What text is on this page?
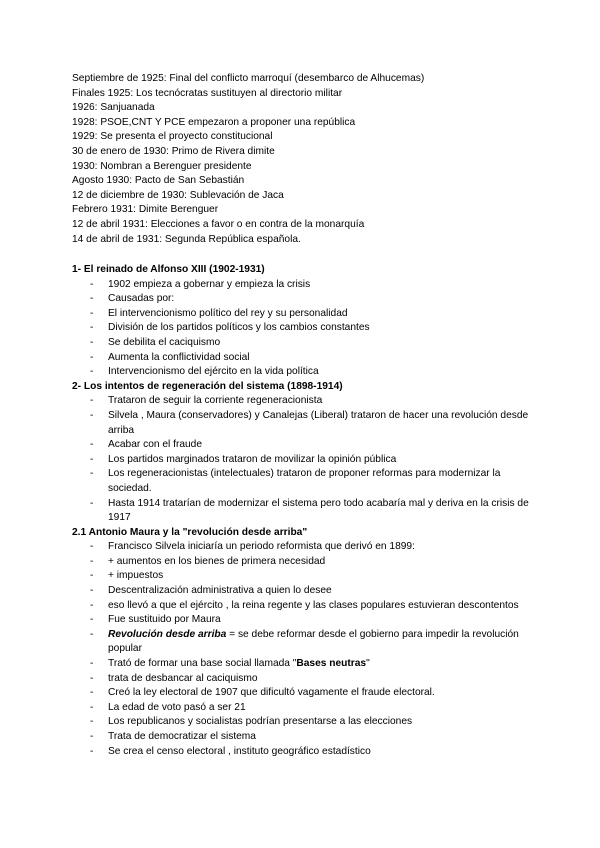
Septiembre de 1925: Final del conflicto marroquí (desembarco de Alhucemas)
Finales 1925: Los tecnócratas sustituyen al directorio militar
1926: Sanjuanada
1928: PSOE,CNT Y PCE empezaron a proponer una república
1929: Se presenta el proyecto constitucional
30 de enero de 1930: Primo de Rivera dimite
1930: Nombran a Berenguer presidente
Agosto 1930: Pacto de San Sebastián
12 de diciembre de 1930: Sublevación de Jaca
Febrero 1931: Dimite Berenguer
12 de abril 1931: Elecciones a favor o en contra de la monarquía
14 de abril de 1931: Segunda República española.
1- El reinado de Alfonso XIII (1902-1931)
- 1902 empieza a gobernar y empieza la crisis
- Causadas por:
- El intervencionismo político del rey y su personalidad
- División de los partidos políticos y los cambios constantes
- Se debilita el caciquismo
- Aumenta la conflictividad social
- Intervencionismo del ejército en la vida política
2- Los intentos de regeneración del sistema (1898-1914)
- Trataron de seguir la corriente regeneracionista
- Silvela , Maura (conservadores) y Canalejas (Liberal) trataron de hacer una revolución desde arriba
- Acabar con el fraude
- Los partidos marginados trataron de movilizar la opinión pública
- Los regeneracionistas (intelectuales) trataron de proponer reformas para modernizar la sociedad.
- Hasta 1914 tratarían de modernizar el sistema pero todo acabaría mal y deriva en la crisis de 1917
2.1 Antonio Maura y la "revolución desde arriba"
- Francisco Silvela iniciaría un periodo reformista que derivó en 1899:
- + aumentos en los bienes de primera necesidad
- + impuestos
- Descentralización administrativa a quien lo desee
- eso llevó a que el ejército , la reina regente y las clases populares estuvieran descontentos
- Fue sustituido por Maura
- Revolución desde arriba = se debe reformar desde el gobierno para impedir la revolución popular
- Trató de formar una base social llamada "Bases neutras"
- trata de desbancar al caciquismo
- Creó la ley electoral de 1907 que dificultó vagamente el fraude electoral.
- La edad de voto pasó a ser 21
- Los republicanos y socialistas podrían presentarse a las elecciones
- Trata de democratizar el sistema
- Se crea el censo electoral , instituto geográfico estadístico
